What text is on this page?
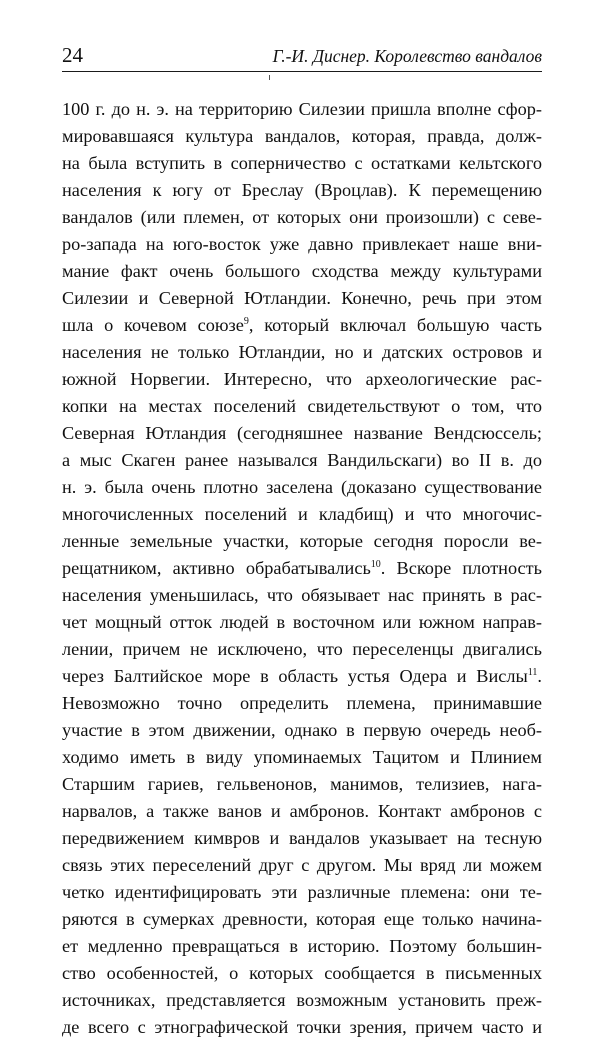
24	Г.-И. Диснер. Королевство вандалов
100 г. до н. э. на территорию Силезии пришла вполне сфор-
мировавшаяся культура вандалов, которая, правда, долж-
на была вступить в соперничество с остатками кельтского
населения к югу от Бреслау (Вроцлав). К перемещению
вандалов (или племен, от которых они произошли) с севе-
ро-запада на юго-восток уже давно привлекает наше вни-
мание факт очень большого сходства между культурами
Силезии и Северной Ютландии. Конечно, речь при этом
шла о кочевом союзе$^9$, который включал большую часть
населения не только Ютландии, но и датских островов и
южной Норвегии. Интересно, что археологические рас-
копки на местах поселений свидетельствуют о том, что
Северная Ютландия (сегодняшнее название Вендсюссель;
а мыс Скаген ранее назывался Вандильскаги) во II в. до
н. э. была очень плотно заселена (доказано существование
многочисленных поселений и кладбищ) и что многочис-
ленные земельные участки, которые сегодня поросли ве-
рещатником, активно обрабатывались$^{10}$. Вскоре плотность
населения уменьшилась, что обязывает нас принять в рас-
чет мощный отток людей в восточном или южном направ-
лении, причем не исключено, что переселенцы двигались
через Балтийское море в область устья Одера и Вислы$^{11}$.
Невозможно точно определить племена, принимавшие
участие в этом движении, однако в первую очередь необ-
ходимо иметь в виду упоминаемых Тацитом и Плинием
Старшим гариев, гельвенонов, манимов, телизиев, нага-
нарвалов, а также ванов и амбронов. Контакт амбронов с
передвижением кимвров и вандалов указывает на тесную
связь этих переселений друг с другом. Мы вряд ли можем
четко идентифицировать эти различные племена: они те-
ряются в сумерках древности, которая еще только начина-
ет медленно превращаться в историю. Поэтому большин-
ство особенностей, о которых сообщается в письменных
источниках, представляется возможным установить преж-
де всего с этнографической точки зрения, причем часто и
